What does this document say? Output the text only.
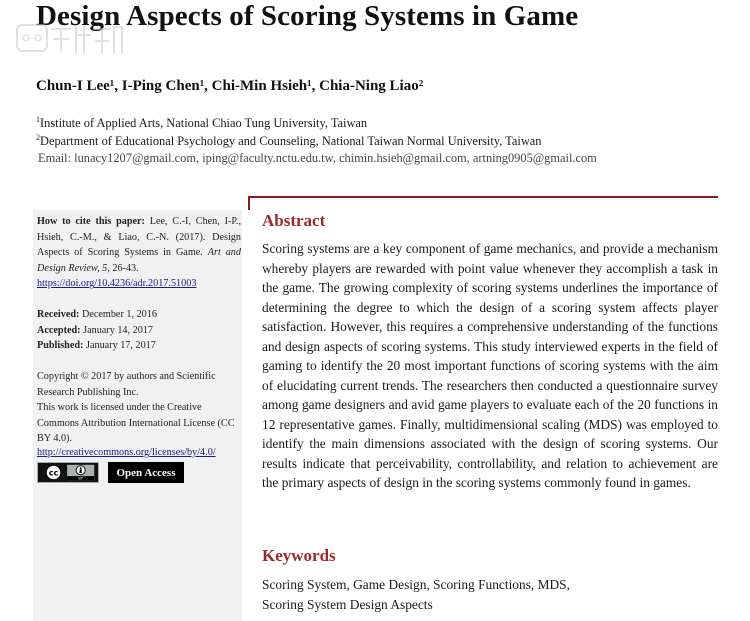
Design Aspects of Scoring Systems in Game
Chun-I Lee¹, I-Ping Chen¹, Chi-Min Hsieh¹, Chia-Ning Liao²
$^1$Institute of Applied Arts, National Chiao Tung University, Taiwan
$^2$Department of Educational Psychology and Counseling, National Taiwan Normal University, Taiwan
Email: lunacy1207@gmail.com, iping@faculty.nctu.edu.tw, chimin.hsieh@gmail.com, artning0905@gmail.com
How to cite this paper: Lee, C.-I, Chen, I-P., Hsieh, C.-M., & Liao, C.-N. (2017). Design Aspects of Scoring Systems in Game. Art and Design Review, 5, 26-43.
https://doi.org/10.4236/adr.2017.51003
Received: December 1, 2016
Accepted: January 14, 2017
Published: January 17, 2017
Copyright © 2017 by authors and Scientific Research Publishing Inc.
This work is licensed under the Creative Commons Attribution International License (CC BY 4.0).
http://creativecommons.org/licenses/by/4.0/
cc
BY
Open Access
Abstract

Scoring systems are a key component of game mechanics, and provide a mechanism whereby players are rewarded with point value whenever they accomplish a task in the game. The growing complexity of scoring systems underlines the importance of determining the degree to which the design of a scoring system affects player satisfaction. However, this requires a comprehensive understanding of the functions and design aspects of scoring systems. This study interviewed experts in the field of gaming to identify the 20 most important functions of scoring systems with the aim of elucidating current trends. The researchers then conducted a questionnaire survey among game designers and avid game players to evaluate each of the 20 functions in 12 representative games. Finally, multidimensional scaling (MDS) was employed to identify the main dimensions associated with the design of scoring systems. Our results indicate that perceivability, controllability, and relation to achievement are the primary aspects of design in the scoring systems commonly found in games.

Keywords
Scoring System, Game Design, Scoring Functions, MDS,
Scoring System Design Aspects
